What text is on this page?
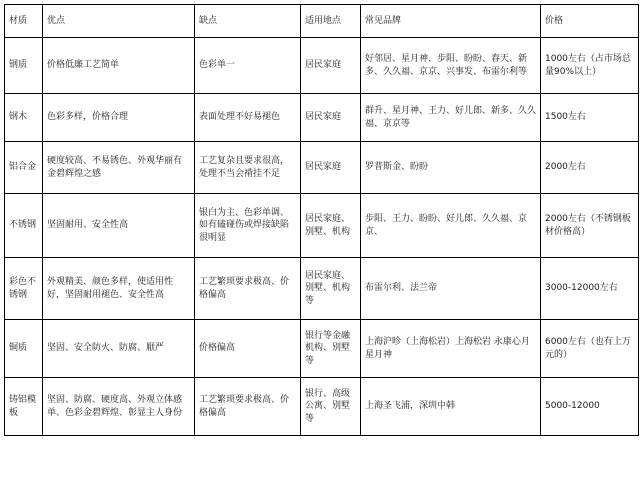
材质	优点	缺点	适用地点	常见品牌	价格
钢质	价格低廉工艺简单	色彩单一	居民家庭	好邻居、星月神、步阳、盼盼、春天、新多、久久福、京京、兴事发、布雷尔利等	1000左右（占市场总量90%以上）
钢木	色彩多样，价格合理	表面处理不好易褪色	居民家庭	群升、星月神、王力、好儿郎、新多、久久福、京京等	1500左右
铝合金	硬度较高、不易锈色、外观华丽有金碧辉煌之感	工艺复杂且要求很高，处理不当会褙挂不足	居民家庭	罗普斯金、盼盼	2000左右
不锈钢	坚固耐用、安全性高	银白为主、色彩单调、如有磕碰伤或焊接缺陷很明显	居民家庭、别墅、机构	步阳、王力、盼盼、好儿郎、久久福、京京、	2000左右（不锈钢板材价格高）
彩色不锈钢	外观精美、颜色多样，使适用性好，坚固耐用褪色、安全性高	工艺繁琐要求极高、价格偏高	居民家庭、别墅、机构等	布雷尔利、法兰帝	3000-12000左右
铜质	坚固、安全防火、防腐、厭严	价格偏高	银行等金融机构、别墅等	上海沪昣（上海松岩）上海松岩 永康心月 星月神	6000左右（也有上万元的）
铸铝模板	坚固、防腐、硬度高、外观立体感单、色彩金碧辉煌、彰显主人身份	工艺繁琐要求极高、价格偏高	银行、高级公寓、别墅等	上海圣飞浦，深圳中韩	5000-12000
